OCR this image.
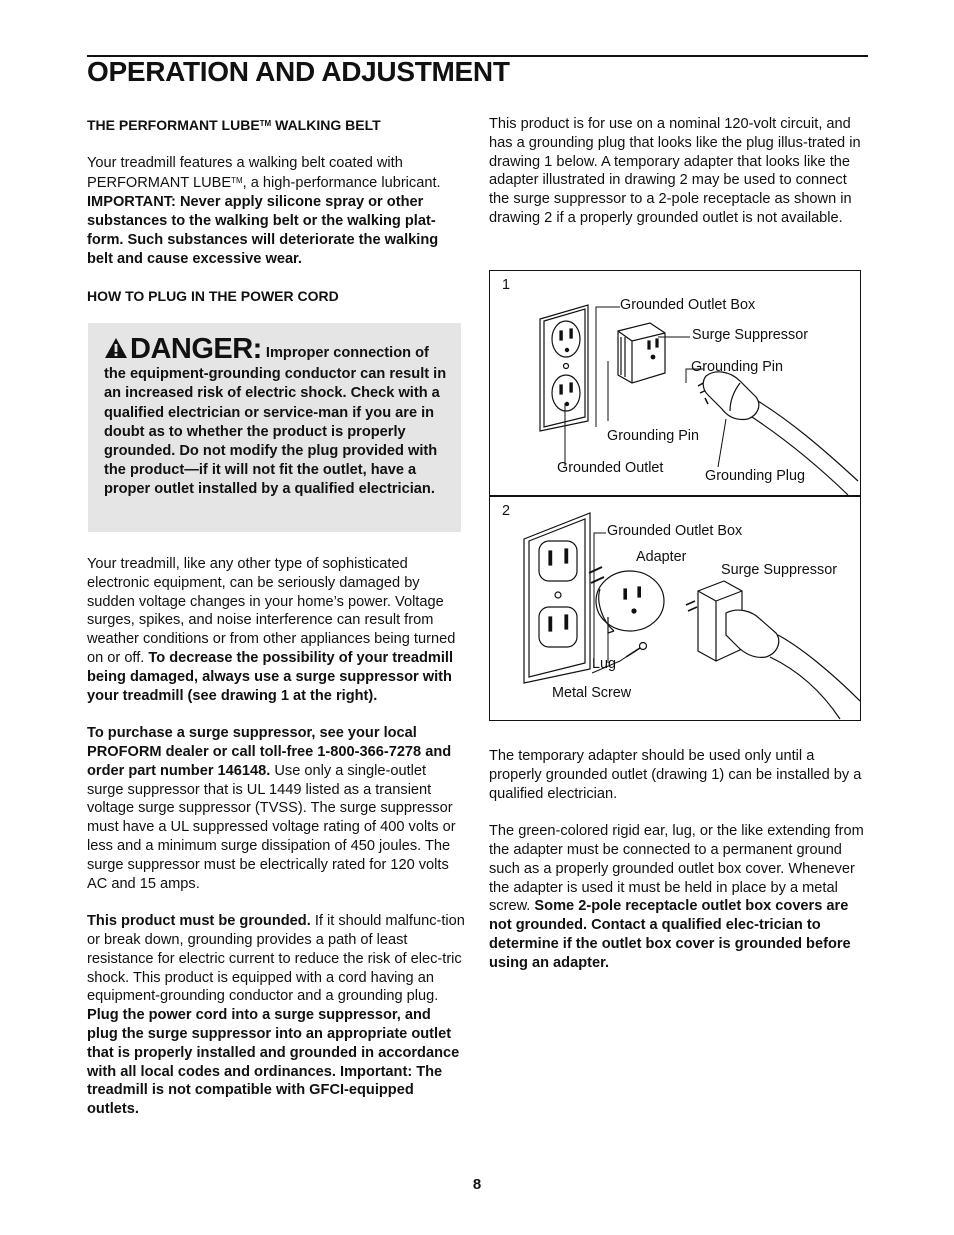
OPERATION AND ADJUSTMENT

THE PERFORMANT LUBE™ WALKING BELT

Your treadmill features a walking belt coated with PERFORMANT LUBE™, a high-performance lubricant. IMPORTANT: Never apply silicone spray or other substances to the walking belt or the walking plat-form. Such substances will deteriorate the walking belt and cause excessive wear.

HOW TO PLUG IN THE POWER CORD

DANGER: Improper connection of the equipment-grounding conductor can result in an increased risk of electric shock. Check with a qualified electrician or service-man if you are in doubt as to whether the product is properly grounded. Do not modify the plug provided with the product—if it will not fit the outlet, have a proper outlet installed by a qualified electrician.

Your treadmill, like any other type of sophisticated electronic equipment, can be seriously damaged by sudden voltage changes in your home’s power. Voltage surges, spikes, and noise interference can result from weather conditions or from other appliances being turned on or off. To decrease the possibility of your treadmill being damaged, always use a surge suppressor with your treadmill (see drawing 1 at the right).

To purchase a surge suppressor, see your local PROFORM dealer or call toll-free 1-800-366-7278 and order part number 146148. Use only a single-outlet surge suppressor that is UL 1449 listed as a transient voltage surge suppressor (TVSS). The surge suppressor must have a UL suppressed voltage rating of 400 volts or less and a minimum surge dissipation of 450 joules. The surge suppressor must be electrically rated for 120 volts AC and 15 amps.

This product must be grounded. If it should malfunc-tion or break down, grounding provides a path of least resistance for electric current to reduce the risk of elec-tric shock. This product is equipped with a cord having an equipment-grounding conductor and a grounding plug. Plug the power cord into a surge suppressor, and plug the surge suppressor into an appropriate outlet that is properly installed and grounded in accordance with all local codes and ordinances. Important: The treadmill is not compatible with GFCI-equipped outlets.

This product is for use on a nominal 120-volt circuit, and has a grounding plug that looks like the plug illus-trated in drawing 1 below. A temporary adapter that looks like the adapter illustrated in drawing 2 may be used to connect the surge suppressor to a 2-pole receptacle as shown in drawing 2 if a properly grounded outlet is not available.

1
Grounded Outlet Box
Surge Suppressor
Grounding Pin
Grounding Pin
Grounded Outlet	Grounding Plug
2
Grounded Outlet Box
Adapter
Surge Suppressor
Lug
Metal Screw

The temporary adapter should be used only until a properly grounded outlet (drawing 1) can be installed by a qualified electrician.

The green-colored rigid ear, lug, or the like extending from the adapter must be connected to a permanent ground such as a properly grounded outlet box cover. Whenever the adapter is used it must be held in place by a metal screw. Some 2-pole receptacle outlet box covers are not grounded. Contact a qualified elec-trician to determine if the outlet box cover is grounded before using an adapter.

8
